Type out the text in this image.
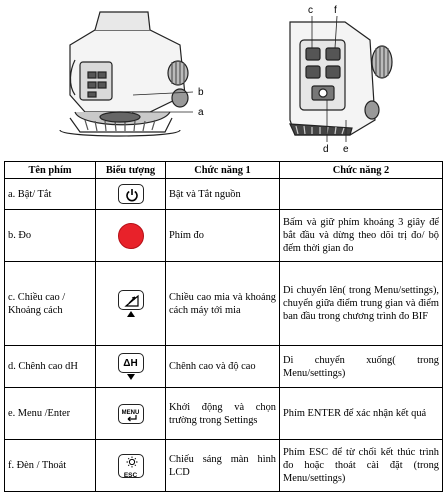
b
a
c f
d e
Tên phím	Biểu tượng	Chức năng 1	Chức năng 2
a. Bật/ Tắt		Bật và Tắt nguồn	
b. Đo		Phím đo	Bấm và giữ phím khoảng 3 giây để bắt đầu và dừng theo dõi trị đo/ bộ đếm thời gian đo
c. Chiều cao / Khoảng cách		Chiều cao mia và khoảng cách máy tới mia	Di chuyển lên( trong Menu/settings), chuyển giữa điểm trung gian và điểm ban đầu trong chương trình đo BIF
d. Chênh cao dH	ΔH	Chênh cao và độ cao	Di chuyển xuống( trong Menu/settings)
e. Menu /Enter	MENU	Khởi động và chọn trường trong Settings	Phím ENTER để xác nhận kết quả
f. Đèn / Thoát	ESC	Chiếu sáng màn hình LCD	Phím ESC để từ chối kết thúc trình đo hoặc thoát cài đặt (trong Menu/settings)
